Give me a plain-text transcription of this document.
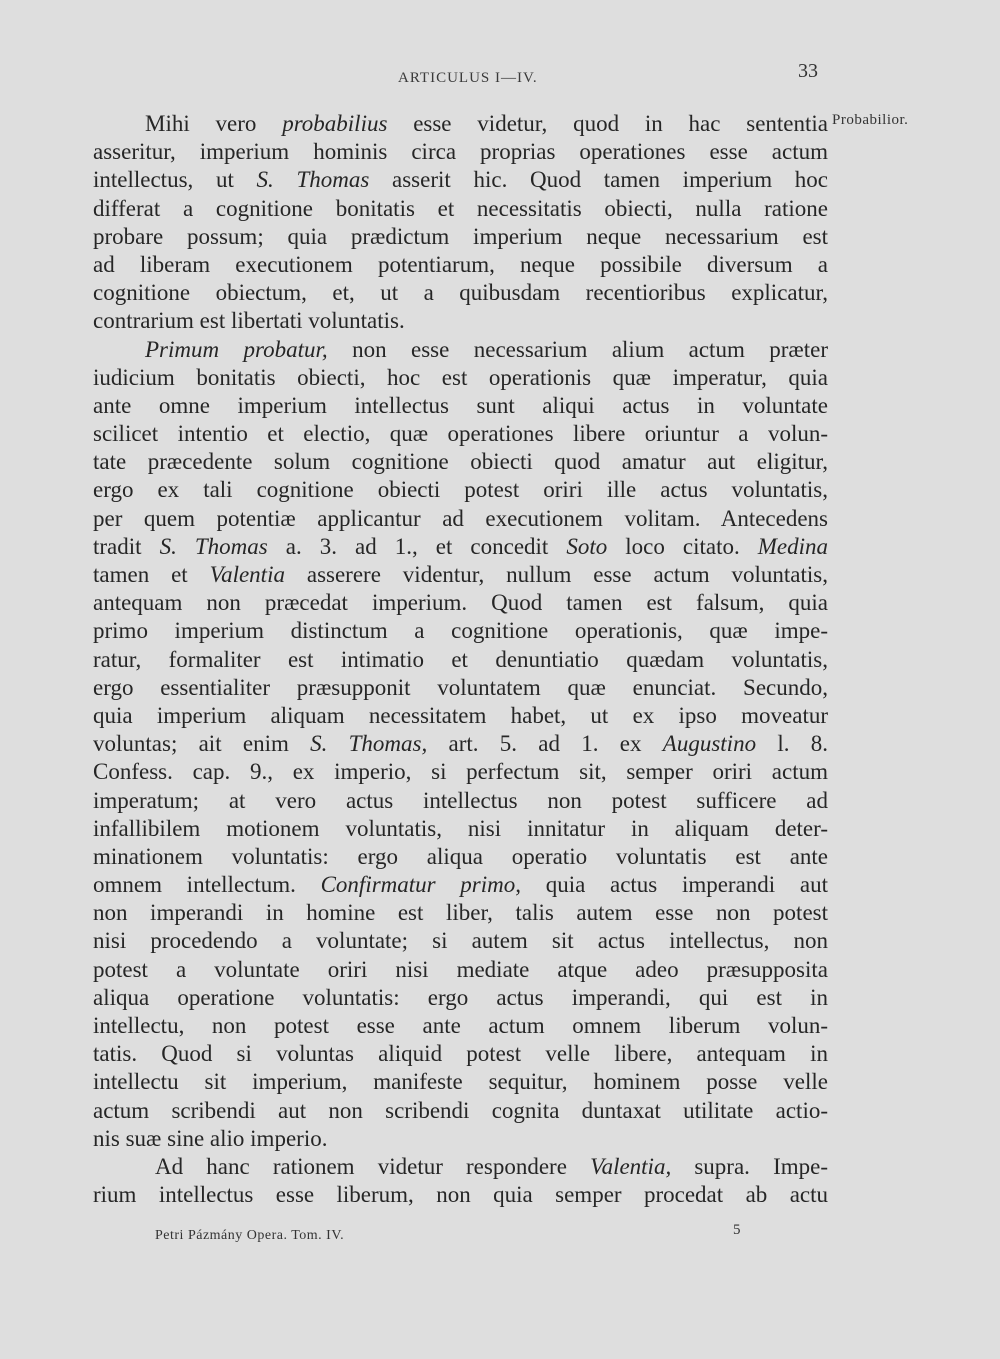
ARTICULUS I—IV.	33
Probabilior.
Mihi vero probabilius esse videtur, quod in hac sententia
asseritur, imperium hominis circa proprias operationes esse actum
intellectus, ut S. Thomas asserit hic. Quod tamen imperium hoc
differat a cognitione bonitatis et necessitatis obiecti, nulla ratione
probare possum; quia prædictum imperium neque necessarium est
ad liberam executionem potentiarum, neque possibile diversum a
cognitione obiectum, et, ut a quibusdam recentioribus explicatur,
contrarium est libertati voluntatis.
Primum probatur, non esse necessarium alium actum præter
iudicium bonitatis obiecti, hoc est operationis quæ imperatur, quia
ante omne imperium intellectus sunt aliqui actus in voluntate
scilicet intentio et electio, quæ operationes libere oriuntur a volun-
tate præcedente solum cognitione obiecti quod amatur aut eligitur,
ergo ex tali cognitione obiecti potest oriri ille actus voluntatis,
per quem potentiæ applicantur ad executionem volitam. Antecedens
tradit S. Thomas a. 3. ad 1., et concedit Soto loco citato. Medina
tamen et Valentia asserere videntur, nullum esse actum voluntatis,
antequam non præcedat imperium. Quod tamen est falsum, quia
primo imperium distinctum a cognitione operationis, quæ impe-
ratur, formaliter est intimatio et denuntiatio quædam voluntatis,
ergo essentialiter præsupponit voluntatem quæ enunciat. Secundo,
quia imperium aliquam necessitatem habet, ut ex ipso moveatur
voluntas; ait enim S. Thomas, art. 5. ad 1. ex Augustino l. 8.
Confess. cap. 9., ex imperio, si perfectum sit, semper oriri actum
imperatum; at vero actus intellectus non potest sufficere ad
infallibilem motionem voluntatis, nisi innitatur in aliquam deter-
minationem voluntatis: ergo aliqua operatio voluntatis est ante
omnem intellectum. Confirmatur primo, quia actus imperandi aut
non imperandi in homine est liber, talis autem esse non potest
nisi procedendo a voluntate; si autem sit actus intellectus, non
potest a voluntate oriri nisi mediate atque adeo præsupposita
aliqua operatione voluntatis: ergo actus imperandi, qui est in
intellectu, non potest esse ante actum omnem liberum volun-
tatis. Quod si voluntas aliquid potest velle libere, antequam in
intellectu sit imperium, manifeste sequitur, hominem posse velle
actum scribendi aut non scribendi cognita duntaxat utilitate actio-
nis suæ sine alio imperio.
Ad hanc rationem videtur respondere Valentia, supra. Impe-
rium intellectus esse liberum, non quia semper procedat ab actu
Petri Pázmány Opera. Tom. IV.	5
